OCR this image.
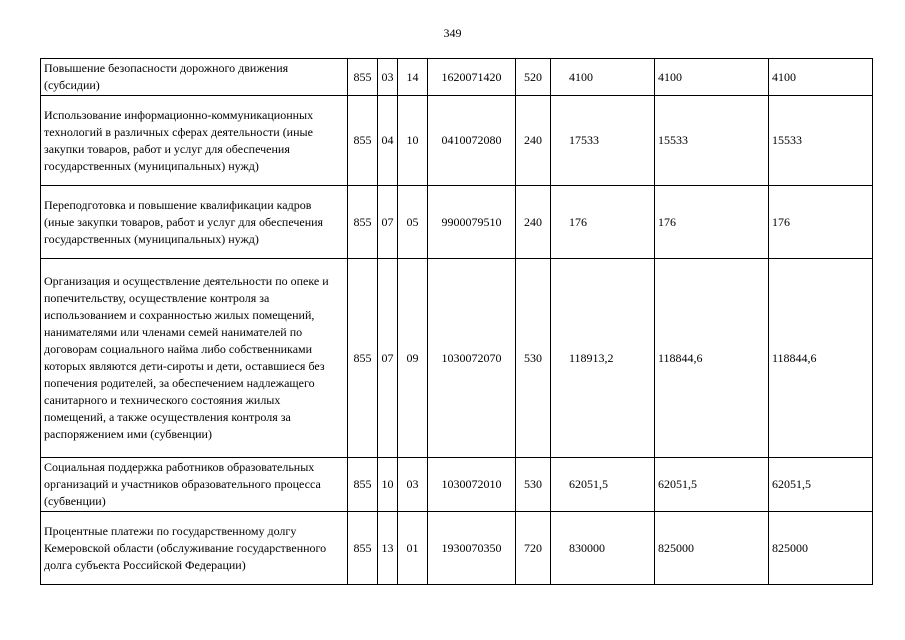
349
Повышение безопасности дорожного движения (субсидии)	855	03	14	1620071420	520	4100	4100	4100
Использование информационно-коммуникационных технологий в различных сферах деятельности (иные закупки товаров, работ и услуг для обеспечения государственных (муниципальных) нужд)	855	04	10	0410072080	240	17533	15533	15533
Переподготовка и повышение квалификации кадров (иные закупки товаров, работ и услуг для обеспечения государственных (муниципальных) нужд)	855	07	05	9900079510	240	176	176	176
Организация и осуществление деятельности по опеке и попечительству, осуществление контроля за использованием и сохранностью жилых помещений, нанимателями или членами семей нанимателей по договорам социального найма либо собственниками которых являются дети-сироты и дети, оставшиеся без попечения родителей, за обеспечением надлежащего санитарного и технического состояния жилых помещений, а также осуществления контроля за распоряжением ими (субвенции)	855	07	09	1030072070	530	118913,2	118844,6	118844,6
Социальная поддержка работников образовательных организаций и участников образовательного процесса (субвенции)	855	10	03	1030072010	530	62051,5	62051,5	62051,5
Процентные платежи по государственному долгу Кемеровской области (обслуживание государственного долга субъекта Российской Федерации)	855	13	01	1930070350	720	830000	825000	825000
